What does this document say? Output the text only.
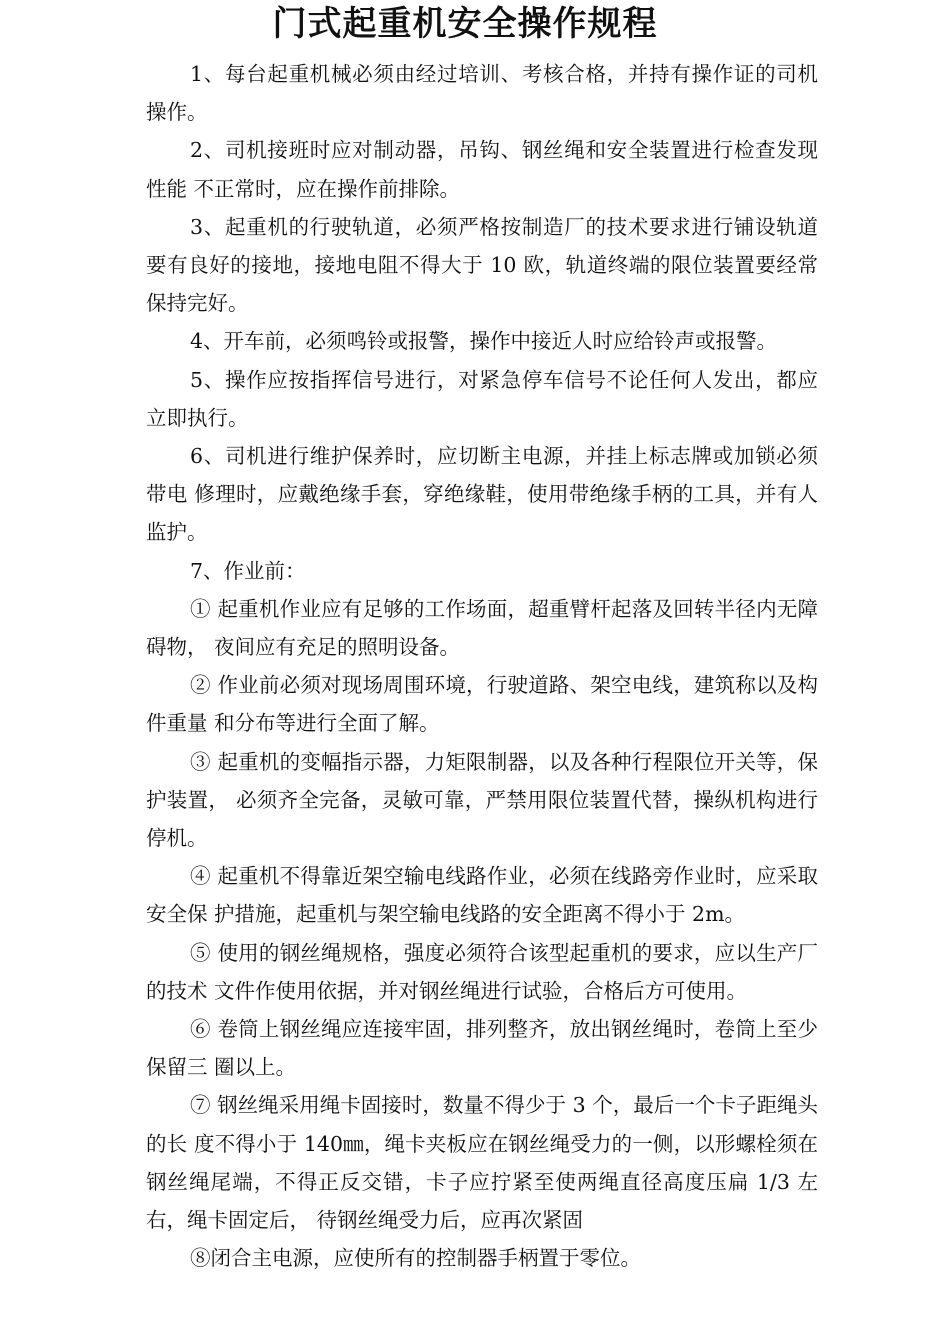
门式起重机安全操作规程

1、每台起重机械必须由经过培训、考核合格，并持有操作证的司机操作。

2、司机接班时应对制动器，吊钩、钢丝绳和安全装置进行检查发现性能 不正常时，应在操作前排除。

3、起重机的行驶轨道，必须严格按制造厂的技术要求进行铺设轨道要有良好的接地，接地电阻不得大于 10 欧，轨道终端的限位装置要经常保持完好。

4、开车前，必须鸣铃或报警，操作中接近人时应给铃声或报警。

5、操作应按指挥信号进行，对紧急停车信号不论任何人发出，都应立即执行。

6、司机进行维护保养时，应切断主电源，并挂上标志牌或加锁必须带电 修理时，应戴绝缘手套，穿绝缘鞋，使用带绝缘手柄的工具，并有人监护。

7、作业前：

① 起重机作业应有足够的工作场面，超重臂杆起落及回转半径内无障碍物， 夜间应有充足的照明设备。

② 作业前必须对现场周围环境，行驶道路、架空电线，建筑称以及构件重量 和分布等进行全面了解。

③ 起重机的变幅指示器，力矩限制器，以及各种行程限位开关等，保护装置， 必须齐全完备，灵敏可靠，严禁用限位装置代替，操纵机构进行停机。

④ 起重机不得靠近架空输电线路作业，必须在线路旁作业时，应采取安全保 护措施，起重机与架空输电线路的安全距离不得小于 2m。

⑤ 使用的钢丝绳规格，强度必须符合该型起重机的要求，应以生产厂的技术 文件作使用依据，并对钢丝绳进行试验，合格后方可使用。

⑥ 卷筒上钢丝绳应连接牢固，排列整齐，放出钢丝绳时，卷筒上至少保留三 圈以上。

⑦ 钢丝绳采用绳卡固接时，数量不得少于 3 个，最后一个卡子距绳头的长 度不得小于 140㎜，绳卡夹板应在钢丝绳受力的一侧，以形螺栓须在钢丝绳尾端，不得正反交错，卡子应拧紧至使两绳直径高度压扁 1/3 左右，绳卡固定后， 待钢丝绳受力后，应再次紧固

⑧闭合主电源，应使所有的控制器手柄置于零位。
